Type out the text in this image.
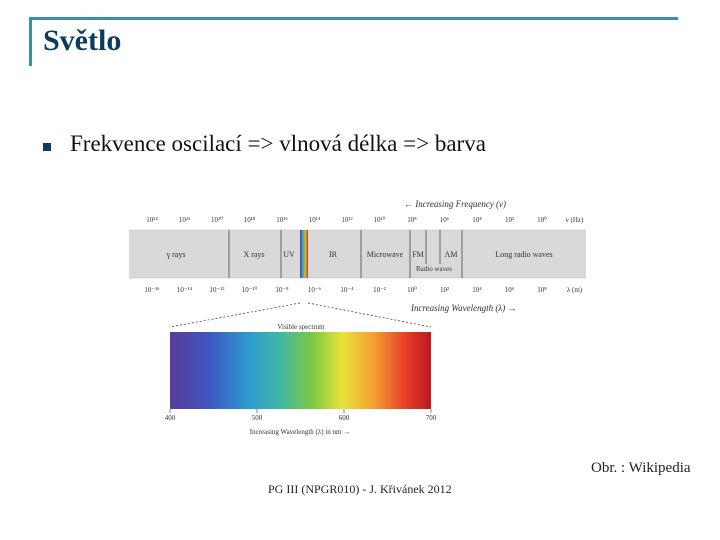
Světlo
Frekvence oscilací => vlnová délka => barva
← Increasing Frequency (ν)
10²⁴	10²²	10²⁰	10¹⁸	10¹⁶	10¹⁴	10¹²	10¹⁰	10⁸	10⁶	10⁴	10²	10⁰	ν (Hz)
γ rays	X rays UV	IR	Microwave FM	AM	Long radio waves
Radio waves
10⁻¹⁶ 10⁻¹⁴ 10⁻¹² 10⁻¹⁰	10⁻⁸	10⁻⁶	10⁻⁴	10⁻²	10⁰	10²	10⁴	10⁶	10⁸	λ (m)
Increasing Wavelength (λ) →
Visible spectrum
400	500	600	700
Increasing Wavelength (λ) in nm →
Obr. : Wikipedia
PG III (NPGR010) - J. Křivánek 2012
